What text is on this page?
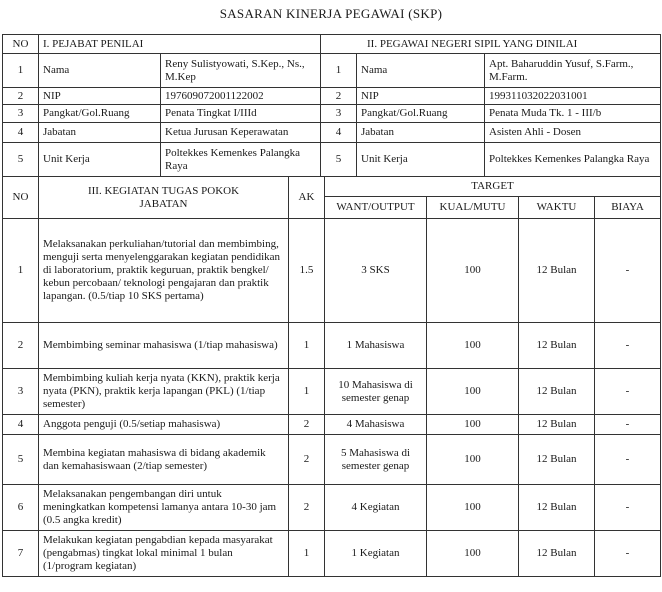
SASARAN KINERJA PEGAWAI (SKP)
NO	I. PEJABAT PENILAI		II. PEGAWAI NEGERI SIPIL YANG DINILAI		
1	Nama	Reny Sulistyowati, S.Kep., Ns., M.Kep	1	Nama	Apt. Baharuddin Yusuf, S.Farm., M.Farm.
2	NIP	197609072001122002	2	NIP	199311032022031001
3	Pangkat/Gol.Ruang	Penata Tingkat I/IIId	3	Pangkat/Gol.Ruang	Penata Muda Tk. 1 - III/b
4	Jabatan	Ketua Jurusan Keperawatan	4	Jabatan	Asisten Ahli - Dosen
5	Unit Kerja	Poltekkes Kemenkes Palangka Raya	5	Unit Kerja	Poltekkes Kemenkes Palangka Raya
NO	III. KEGIATAN TUGAS POKOK JABATAN	AK	TARGET			
			WANT/OUTPUT	KUAL/MUTU	WAKTU	BIAYA
1	Melaksanakan perkuliahan/tutorial dan membimbing, menguji serta menyelenggarakan kegiatan pendidikan di laboratorium, praktik keguruan, praktik bengkel/ kebun percobaan/ teknologi pengajaran dan praktik lapangan. (0.5/tiap 10 SKS pertama)	1.5	3 SKS	100	12 Bulan	-
2	Membimbing seminar mahasiswa (1/tiap mahasiswa)	1	1 Mahasiswa	100	12 Bulan	-
3	Membimbing kuliah kerja nyata (KKN), praktik kerja nyata (PKN), praktik kerja lapangan (PKL) (1/tiap semester)	1	10 Mahasiswa di semester genap	100	12 Bulan	-
4	Anggota penguji (0.5/setiap mahasiswa)	2	4 Mahasiswa	100	12 Bulan	-
5	Membina kegiatan mahasiswa di bidang akademik dan kemahasiswaan (2/tiap semester)	2	5 Mahasiswa di semester genap	100	12 Bulan	-
6	Melaksanakan pengembangan diri untuk meningkatkan kompetensi lamanya antara 10-30 jam (0.5 angka kredit)	2	4 Kegiatan	100	12 Bulan	-
7	Melakukan kegiatan pengabdian kepada masyarakat (pengabmas) tingkat lokal minimal 1 bulan (1/program kegiatan)	1	1 Kegiatan	100	12 Bulan	-
